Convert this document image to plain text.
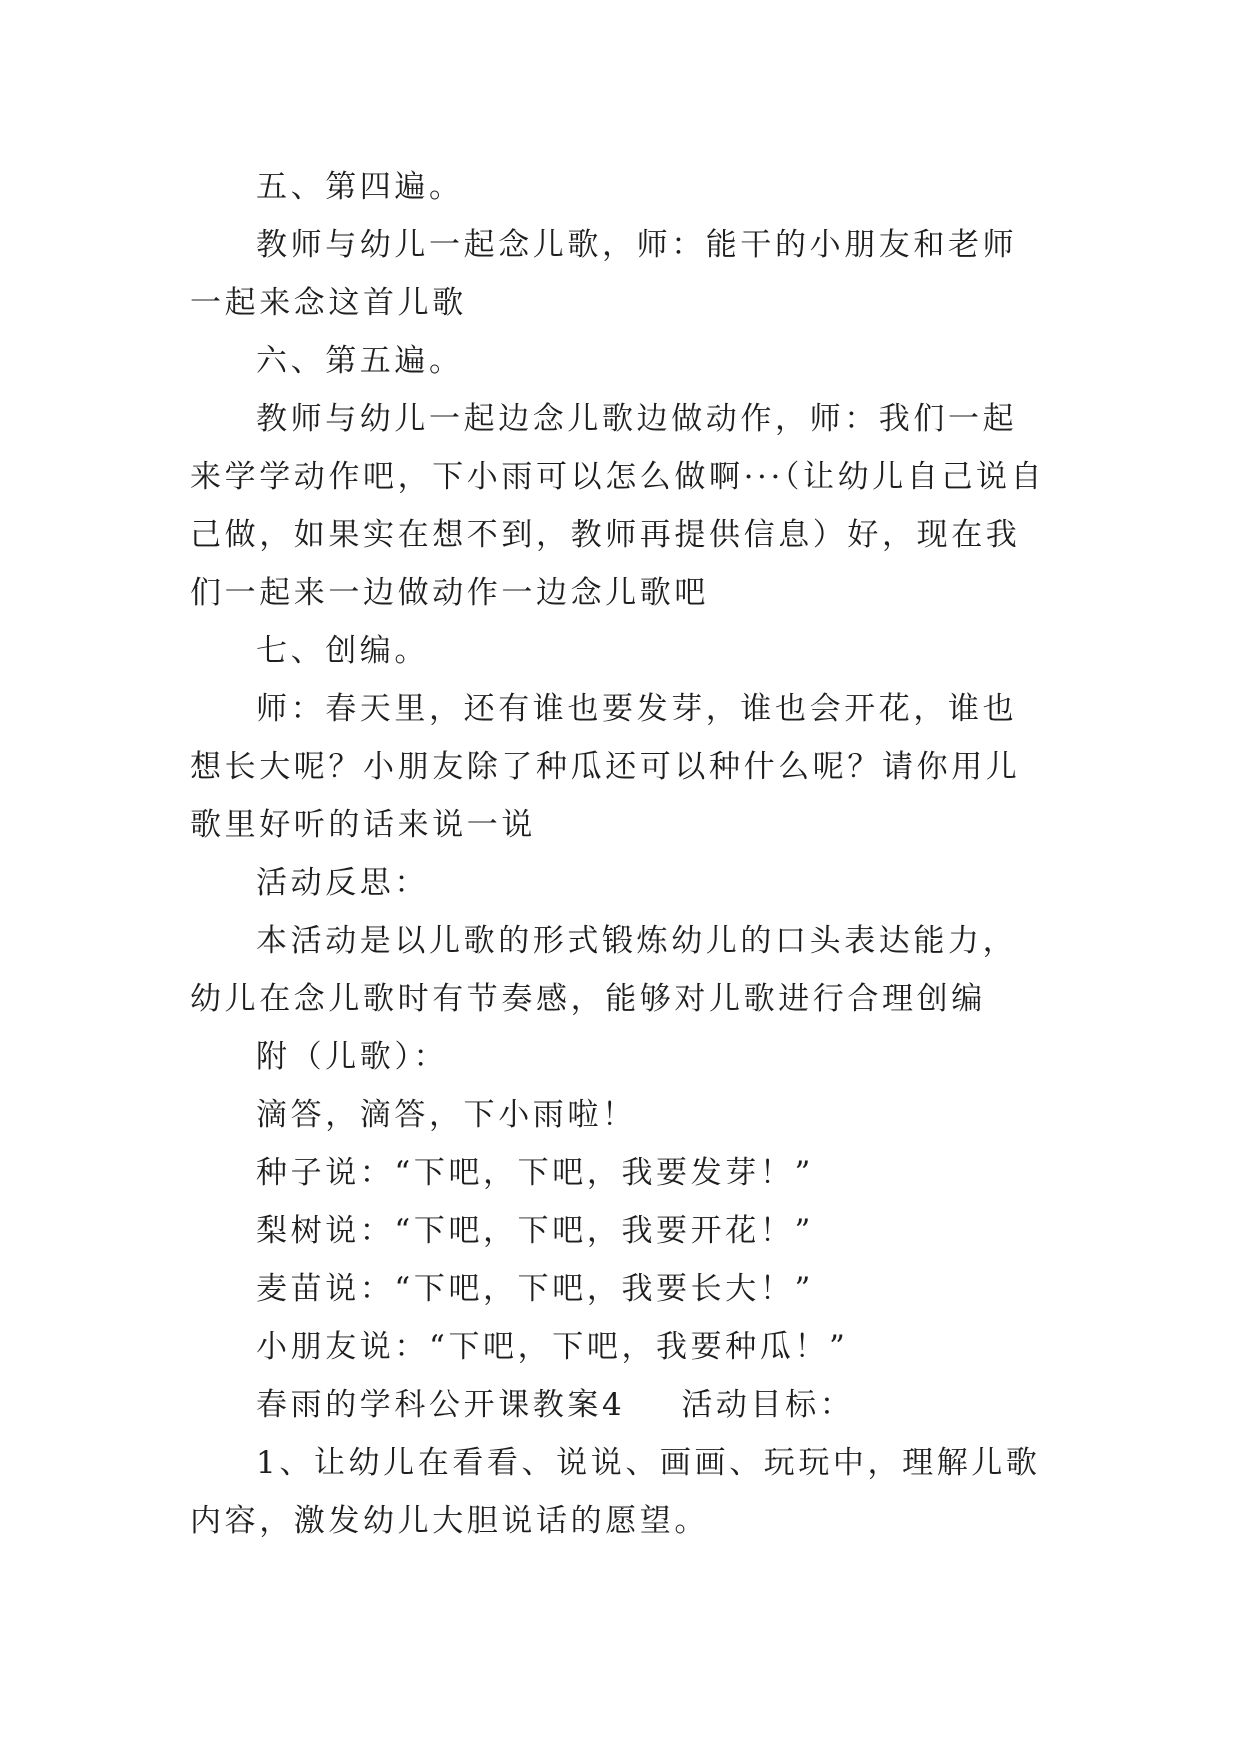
五、第四遍。

教师与幼儿一起念儿歌，师：能干的小朋友和老师一起来念这首儿歌

六、第五遍。

教师与幼儿一起边念儿歌边做动作，师：我们一起来学学动作吧，下小雨可以怎么做啊···（让幼儿自己说自己做，如果实在想不到，教师再提供信息）好，现在我们一起来一边做动作一边念儿歌吧

七、创编。

师：春天里，还有谁也要发芽，谁也会开花，谁也想长大呢？小朋友除了种瓜还可以种什么呢？请你用儿歌里好听的话来说一说

活动反思：

本活动是以儿歌的形式锻炼幼儿的口头表达能力，幼儿在念儿歌时有节奏感，能够对儿歌进行合理创编

附（儿歌）：

滴答，滴答，下小雨啦！

种子说：“下吧，下吧，我要发芽！”

梨树说：“下吧，下吧，我要开花！”

麦苗说：“下吧，下吧，我要长大！”

小朋友说：“下吧，下吧，我要种瓜！”

春雨的学科公开课教案4 活动目标：

1、让幼儿在看看、说说、画画、玩玩中，理解儿歌内容，激发幼儿大胆说话的愿望。
